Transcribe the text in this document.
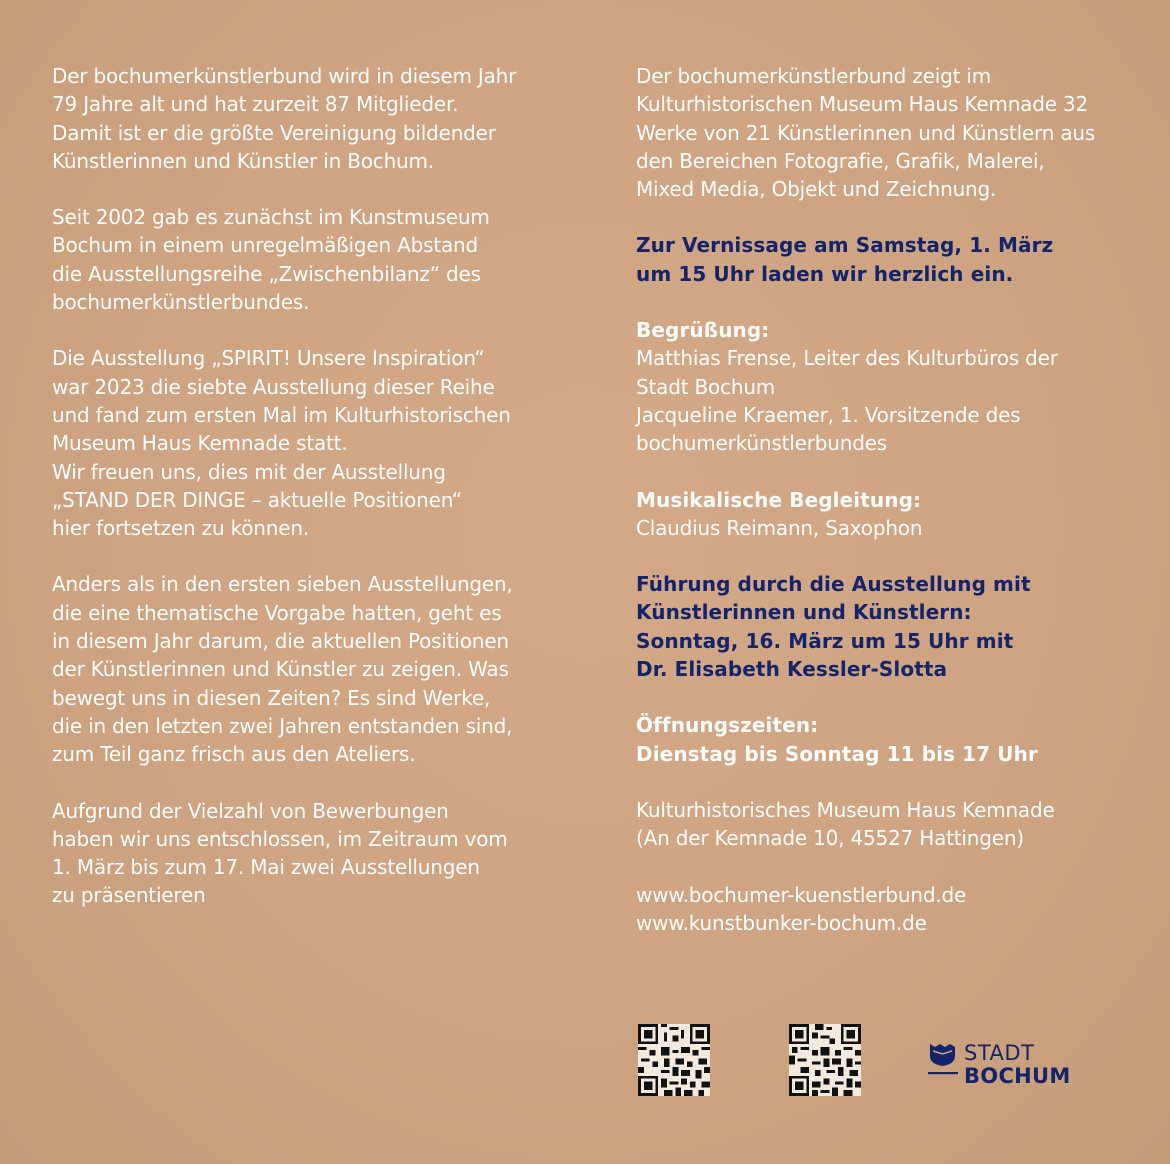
Der bochumerkünstlerbund wird in diesem Jahr
79 Jahre alt und hat zurzeit 87 Mitglieder.
Damit ist er die größte Vereinigung bildender
Künstlerinnen und Künstler in Bochum.

Seit 2002 gab es zunächst im Kunstmuseum
Bochum in einem unregelmäßigen Abstand
die Ausstellungsreihe „Zwischenbilanz“ des
bochumerkünstlerbundes.

Die Ausstellung „SPIRIT! Unsere Inspiration“
war 2023 die siebte Ausstellung dieser Reihe
und fand zum ersten Mal im Kulturhistorischen
Museum Haus Kemnade statt.
Wir freuen uns, dies mit der Ausstellung
„STAND DER DINGE – aktuelle Positionen“
hier fortsetzen zu können.

Anders als in den ersten sieben Ausstellungen,
die eine thematische Vorgabe hatten, geht es
in diesem Jahr darum, die aktuellen Positionen
der Künstlerinnen und Künstler zu zeigen. Was
bewegt uns in diesen Zeiten? Es sind Werke,
die in den letzten zwei Jahren entstanden sind,
zum Teil ganz frisch aus den Ateliers.

Aufgrund der Vielzahl von Bewerbungen
haben wir uns entschlossen, im Zeitraum vom
1. März bis zum 17. Mai zwei Ausstellungen
zu präsentieren

Der bochumerkünstlerbund zeigt im
Kulturhistorischen Museum Haus Kemnade 32
Werke von 21 Künstlerinnen und Künstlern aus
den Bereichen Fotografie, Grafik, Malerei,
Mixed Media, Objekt und Zeichnung.

Zur Vernissage am Samstag, 1. März
um 15 Uhr laden wir herzlich ein.

Begrüßung:

Matthias Frense, Leiter des Kulturbüros der
Stadt Bochum
Jacqueline Kraemer, 1. Vorsitzende des
bochumerkünstlerbundes

Musikalische Begleitung:

Claudius Reimann, Saxophon

Führung durch die Ausstellung mit
Künstlerinnen und Künstlern:
Sonntag, 16. März um 15 Uhr mit
Dr. Elisabeth Kessler-Slotta

Öffnungszeiten:
Dienstag bis Sonntag 11 bis 17 Uhr

Kulturhistorisches Museum Haus Kemnade
(An der Kemnade 10, 45527 Hattingen)

www.bochumer-kuenstlerbund.de
www.kunstbunker-bochum.de
STADT
BOCHUM
